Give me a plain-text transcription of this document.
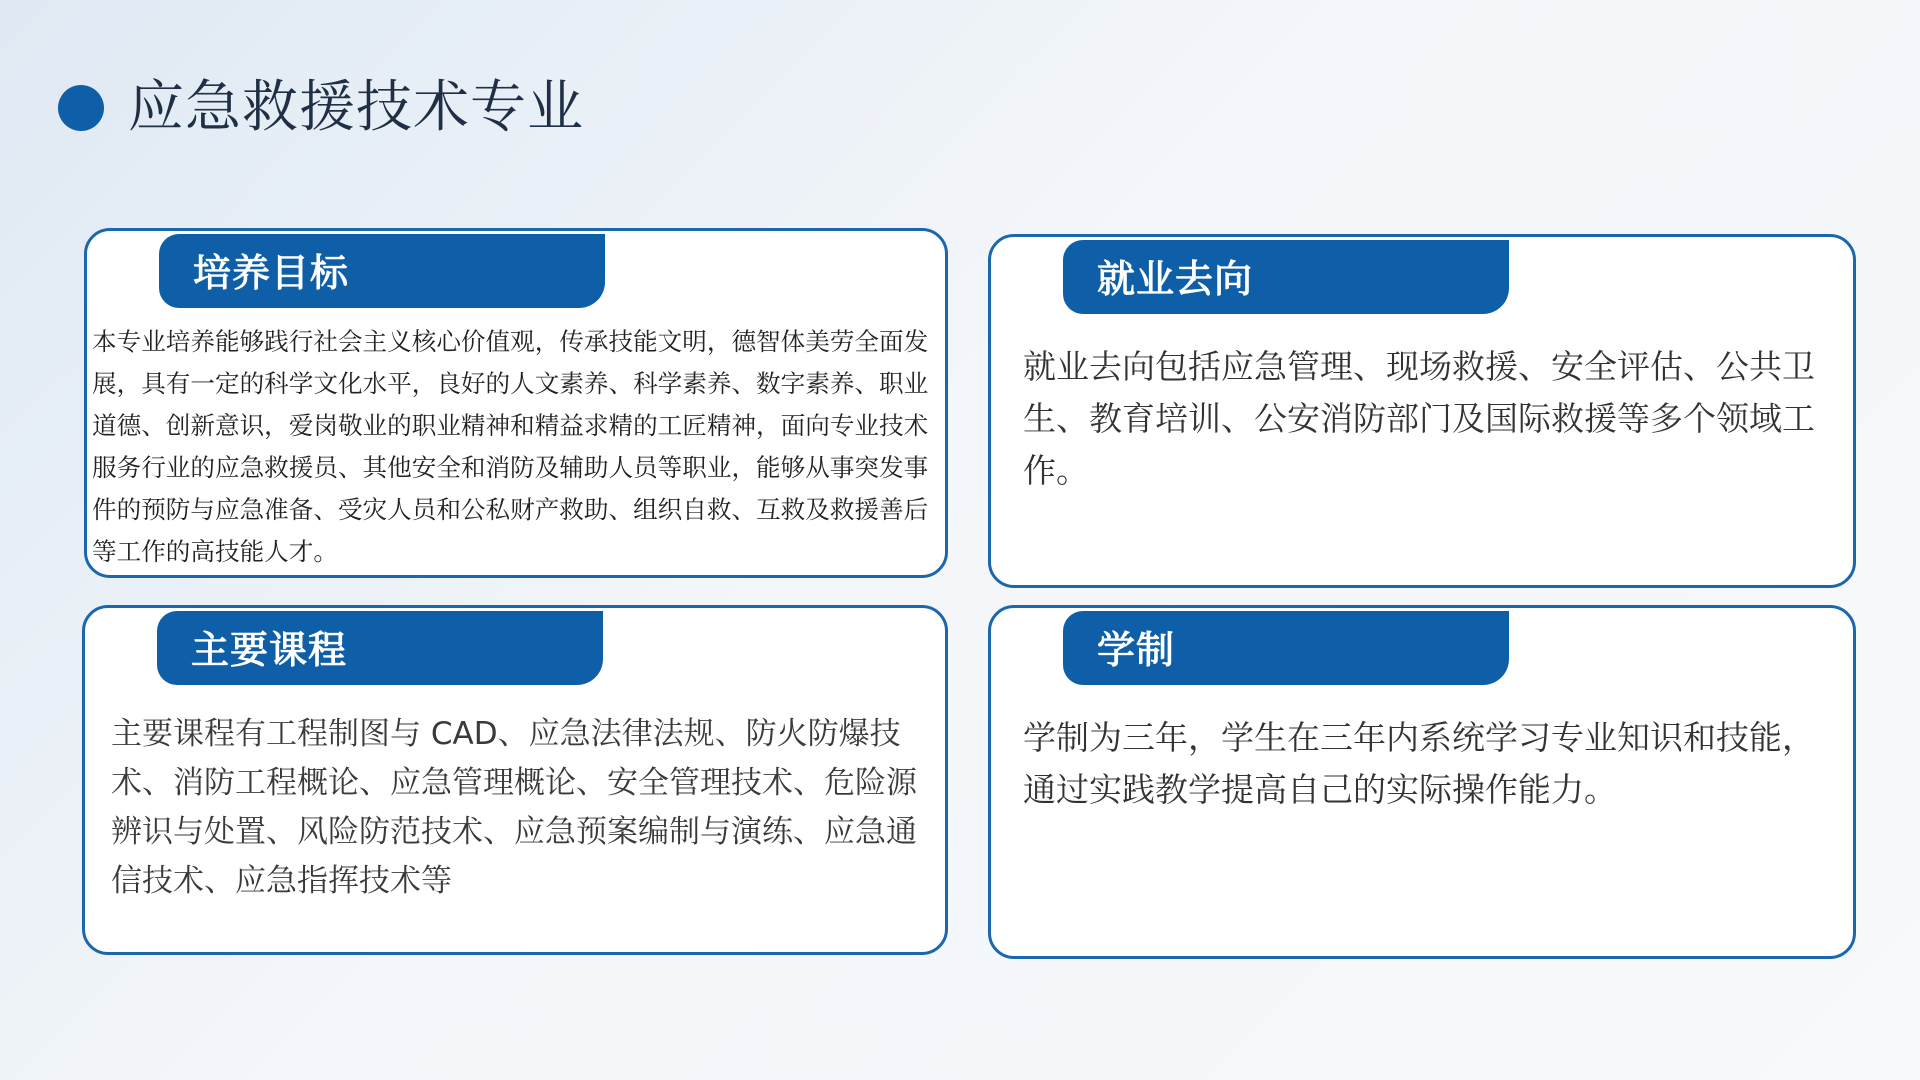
应急救援技术专业
培养目标
本专业培养能够践行社会主义核心价值观，传承技能文明，德智体美劳全面发展，具有一定的科学文化水平，良好的人文素养、科学素养、数字素养、职业道德、创新意识，爱岗敬业的职业精神和精益求精的工匠精神，面向专业技术服务行业的应急救援员、其他安全和消防及辅助人员等职业，能够从事突发事件的预防与应急准备、受灾人员和公私财产救助、组织自救、互救及救援善后等工作的高技能人才。
就业去向
就业去向包括应急管理、现场救援、安全评估、公共卫生、教育培训、公安消防部门及国际救援等多个领域工作。
主要课程
主要课程有工程制图与 CAD、应急法律法规、防火防爆技术、消防工程概论、应急管理概论、安全管理技术、危险源辨识与处置、风险防范技术、应急预案编制与演练、应急通信技术、应急指挥技术等
学制
学制为三年，学生在三年内系统学习专业知识和技能，通过实践教学提高自己的实际操作能力。
